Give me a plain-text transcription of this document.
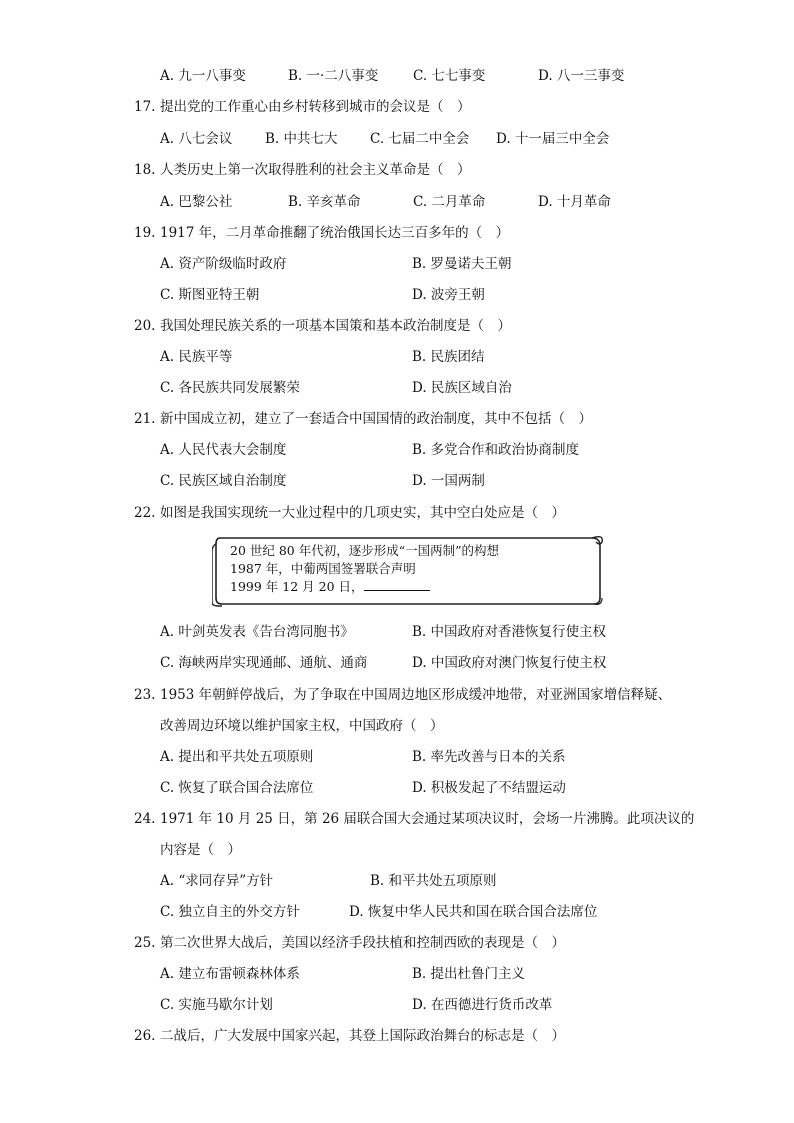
A. 九一八事变	B. 一·二八事变	C. 七七事变	D. 八一三事变
17. 提出党的工作重心由乡村转移到城市的会议是（　）
A. 八七会议 B. 中共七大 C. 七届二中全会 D. 十一届三中全会
18. 人类历史上第一次取得胜利的社会主义革命是（　）
A. 巴黎公社	B. 辛亥革命	C. 二月革命	D. 十月革命
19. 1917 年，二月革命推翻了统治俄国长达三百多年的（　）
A. 资产阶级临时政府	B. 罗曼诺夫王朝
C. 斯图亚特王朝	D. 波旁王朝
20. 我国处理民族关系的一项基本国策和基本政治制度是（　）
A. 民族平等	B. 民族团结
C. 各民族共同发展繁荣	D. 民族区域自治
21. 新中国成立初，建立了一套适合中国国情的政治制度，其中不包括（　）
A. 人民代表大会制度	B. 多党合作和政治协商制度
C. 民族区域自治制度	D. 一国两制
22. 如图是我国实现统一大业过程中的几项史实，其中空白处应是（　）
20 世纪 80 年代初，逐步形成“一国两制”的构想
1987 年，中葡两国签署联合声明
1999 年 12 月 20 日，
A. 叶剑英发表《告台湾同胞书》	B. 中国政府对香港恢复行使主权
C. 海峡两岸实现通邮、通航、通商	D. 中国政府对澳门恢复行使主权
23. 1953 年朝鲜停战后，为了争取在中国周边地区形成缓冲地带，对亚洲国家增信释疑、
改善周边环境以维护国家主权，中国政府（　）
A. 提出和平共处五项原则	B. 率先改善与日本的关系
C. 恢复了联合国合法席位	D. 积极发起了不结盟运动
24. 1971 年 10 月 25 日，第 26 届联合国大会通过某项决议时，会场一片沸腾。此项决议的
内容是（　）
A. “求同存异”方针	B. 和平共处五项原则
C. 独立自主的外交方针	D. 恢复中华人民共和国在联合国合法席位
25. 第二次世界大战后，美国以经济手段扶植和控制西欧的表现是（　）
A. 建立布雷顿森林体系	B. 提出杜鲁门主义
C. 实施马歇尔计划	D. 在西德进行货币改革
26. 二战后，广大发展中国家兴起，其登上国际政治舞台的标志是（　）
